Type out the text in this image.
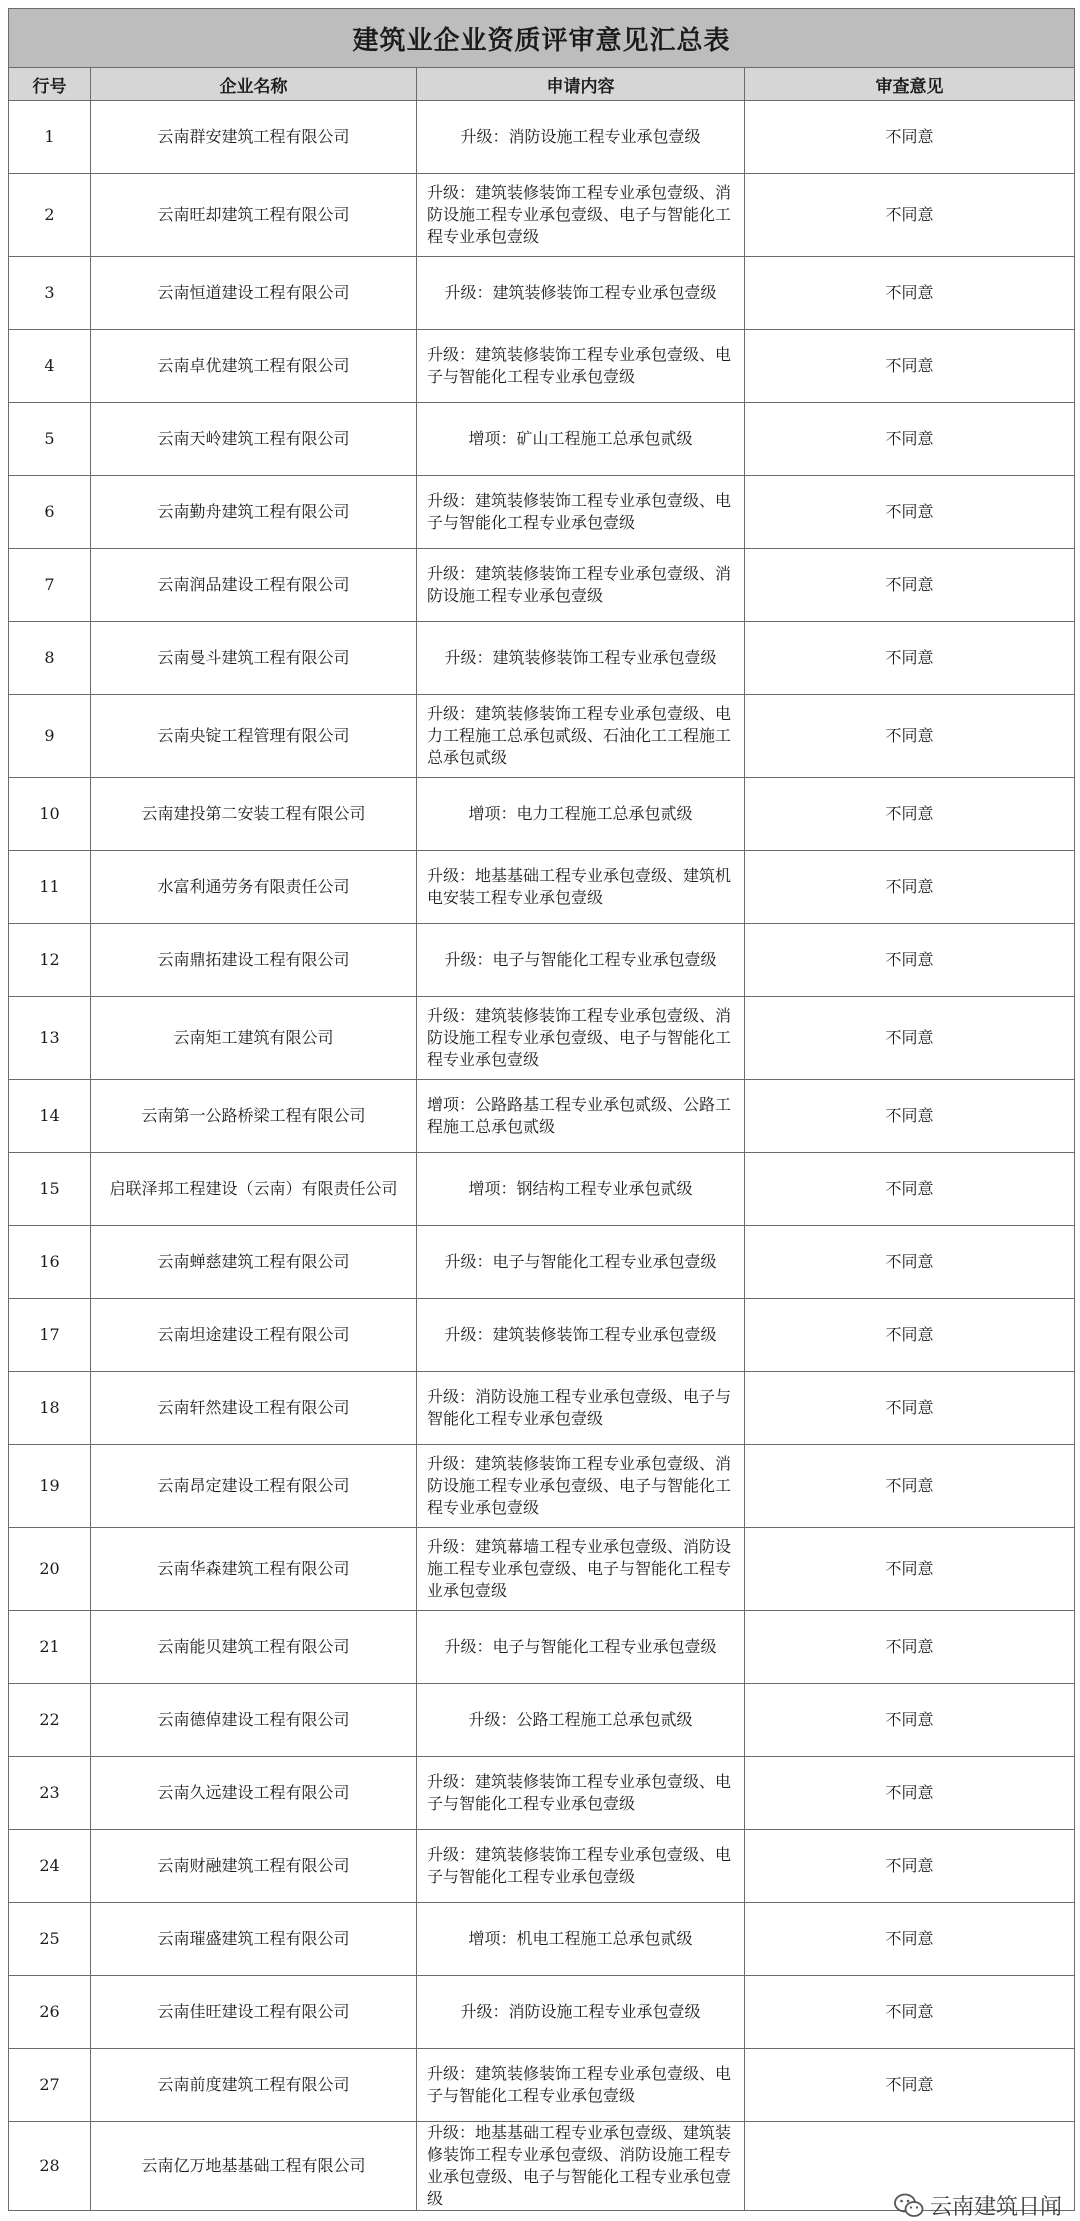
建筑业企业资质评审意见汇总表			
行号	企业名称	申请内容	审查意见
1	云南群安建筑工程有限公司	升级：消防设施工程专业承包壹级	不同意
2	云南旺却建筑工程有限公司	升级：建筑装修装饰工程专业承包壹级、消防设施工程专业承包壹级、电子与智能化工程专业承包壹级	不同意
3	云南恒道建设工程有限公司	升级：建筑装修装饰工程专业承包壹级	不同意
4	云南卓优建筑工程有限公司	升级：建筑装修装饰工程专业承包壹级、电子与智能化工程专业承包壹级	不同意
5	云南天岭建筑工程有限公司	增项：矿山工程施工总承包贰级	不同意
6	云南勤舟建筑工程有限公司	升级：建筑装修装饰工程专业承包壹级、电子与智能化工程专业承包壹级	不同意
7	云南润品建设工程有限公司	升级：建筑装修装饰工程专业承包壹级、消防设施工程专业承包壹级	不同意
8	云南曼斗建筑工程有限公司	升级：建筑装修装饰工程专业承包壹级	不同意
9	云南央锭工程管理有限公司	升级：建筑装修装饰工程专业承包壹级、电力工程施工总承包贰级、石油化工工程施工总承包贰级	不同意
10	云南建投第二安装工程有限公司	增项：电力工程施工总承包贰级	不同意
11	水富利通劳务有限责任公司	升级：地基基础工程专业承包壹级、建筑机电安装工程专业承包壹级	不同意
12	云南鼎拓建设工程有限公司	升级：电子与智能化工程专业承包壹级	不同意
13	云南矩工建筑有限公司	升级：建筑装修装饰工程专业承包壹级、消防设施工程专业承包壹级、电子与智能化工程专业承包壹级	不同意
14	云南第一公路桥梁工程有限公司	增项：公路路基工程专业承包贰级、公路工程施工总承包贰级	不同意
15	启联泽邦工程建设（云南）有限责任公司	增项：钢结构工程专业承包贰级	不同意
16	云南蝉慈建筑工程有限公司	升级：电子与智能化工程专业承包壹级	不同意
17	云南坦途建设工程有限公司	升级：建筑装修装饰工程专业承包壹级	不同意
18	云南轩然建设工程有限公司	升级：消防设施工程专业承包壹级、电子与智能化工程专业承包壹级	不同意
19	云南昂定建设工程有限公司	升级：建筑装修装饰工程专业承包壹级、消防设施工程专业承包壹级、电子与智能化工程专业承包壹级	不同意
20	云南华森建筑工程有限公司	升级：建筑幕墙工程专业承包壹级、消防设施工程专业承包壹级、电子与智能化工程专业承包壹级	不同意
21	云南能贝建筑工程有限公司	升级：电子与智能化工程专业承包壹级	不同意
22	云南德倬建设工程有限公司	升级：公路工程施工总承包贰级	不同意
23	云南久远建设工程有限公司	升级：建筑装修装饰工程专业承包壹级、电子与智能化工程专业承包壹级	不同意
24	云南财融建筑工程有限公司	升级：建筑装修装饰工程专业承包壹级、电子与智能化工程专业承包壹级	不同意
25	云南璀盛建筑工程有限公司	增项：机电工程施工总承包贰级	不同意
26	云南佳旺建设工程有限公司	升级：消防设施工程专业承包壹级	不同意
27	云南前度建筑工程有限公司	升级：建筑装修装饰工程专业承包壹级、电子与智能化工程专业承包壹级	不同意
28	云南亿万地基基础工程有限公司	升级：地基基础工程专业承包壹级、建筑装修装饰工程专业承包壹级、消防设施工程专业承包壹级、电子与智能化工程专业承包壹级		云南建筑日闻
